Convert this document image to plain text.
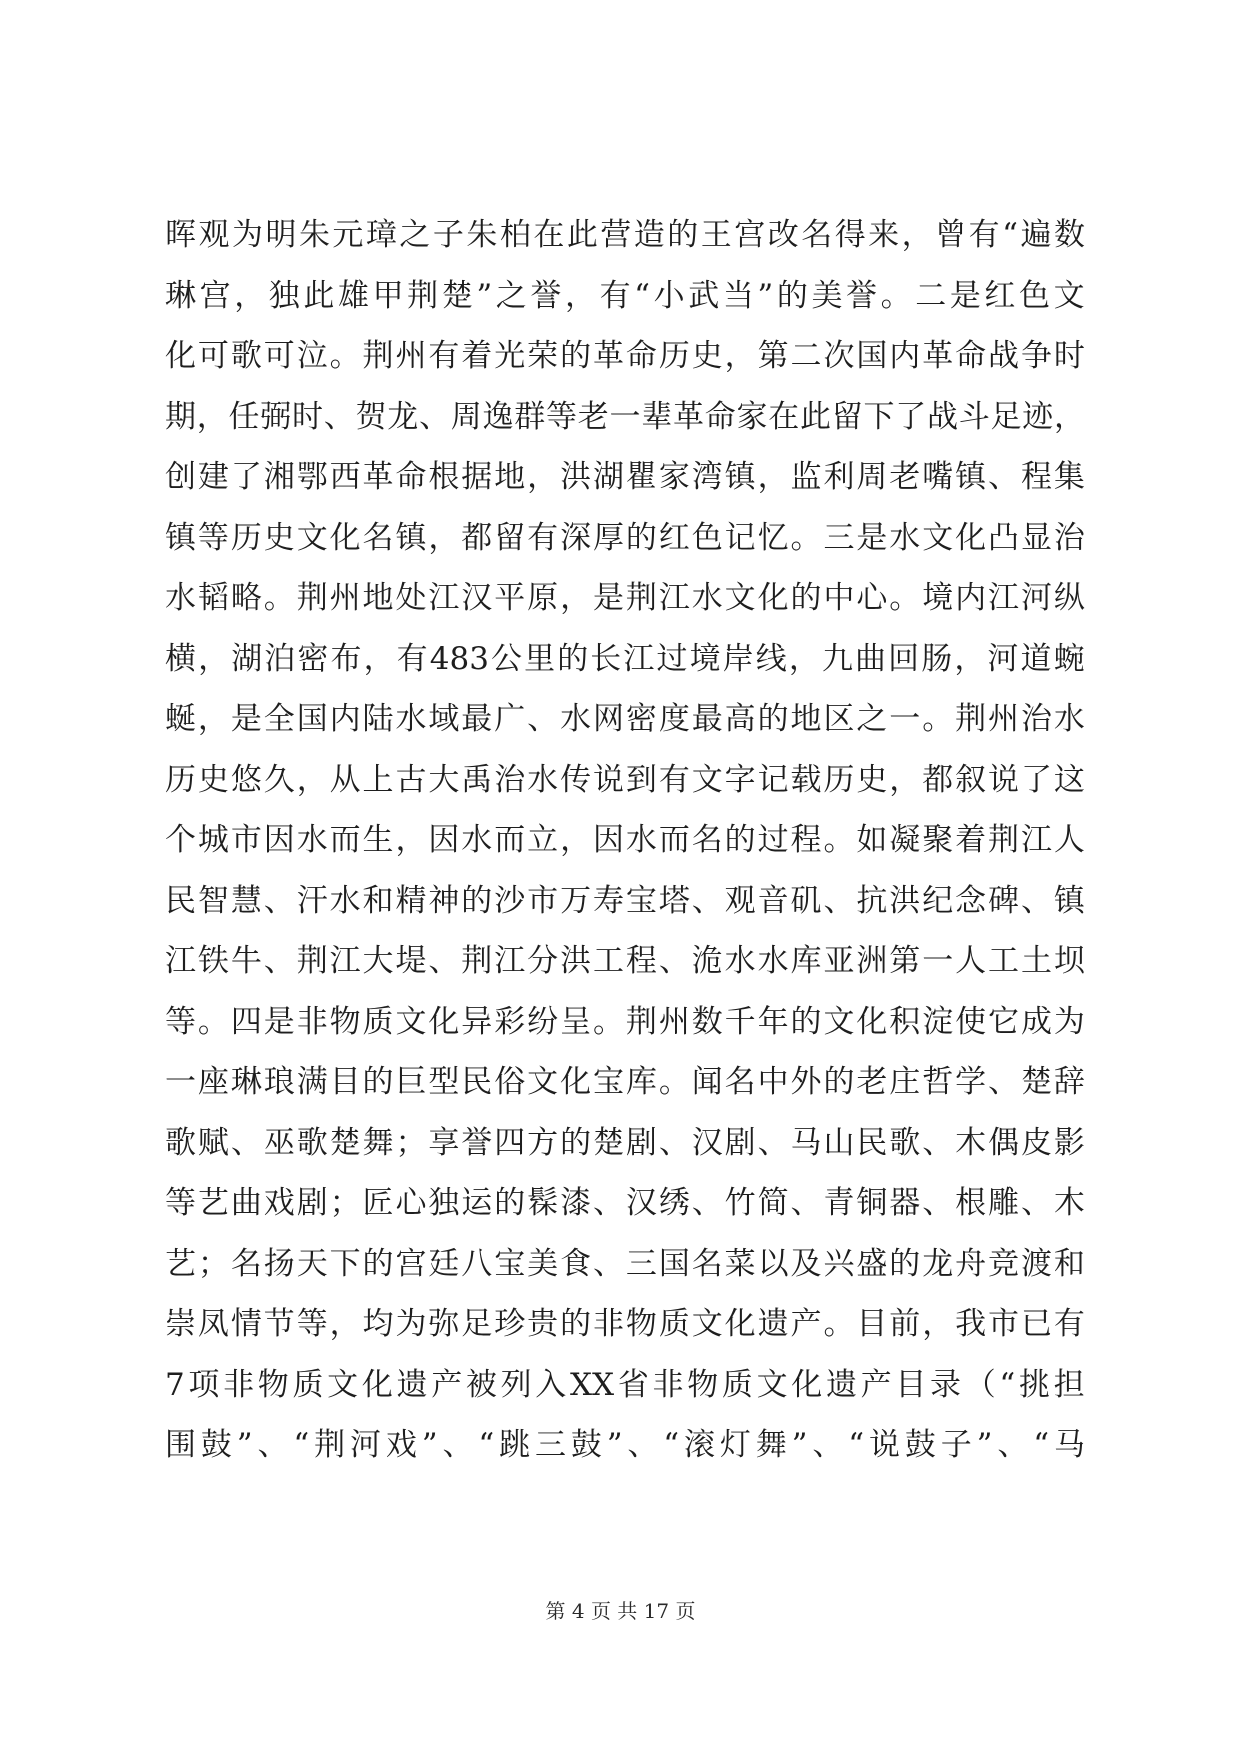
晖 观 为 明 朱 元 璋 之 子 朱 柏 在 此 营 造 的 王 宫 改 名 得 来 ， 曾 有 “ 遍 数
琳 宫 ， 独 此 雄 甲 荆 楚 ” 之 誉 ， 有 “ 小 武 当 ” 的 美 誉 。 二 是 红 色 文
化 可 歌 可 泣 。 荆 州 有 着 光 荣 的 革 命 历 史 ， 第 二 次 国 内 革 命 战 争 时
期 ， 任 弼 时 、 贺 龙 、 周 逸 群 等 老 一 辈 革 命 家 在 此 留 下 了 战 斗 足 迹 ，
创 建 了 湘 鄂 西 革 命 根 据 地 ， 洪 湖 瞿 家 湾 镇 ， 监 利 周 老 嘴 镇 、 程 集
镇 等 历 史 文 化 名 镇 ， 都 留 有 深 厚 的 红 色 记 忆 。 三 是 水 文 化 凸 显 治
水 韬 略 。 荆 州 地 处 江 汉 平 原 ， 是 荆 江 水 文 化 的 中 心 。 境 内 江 河 纵
横 ， 湖 泊 密 布 ， 有 483 公 里 的 长 江 过 境 岸 线 ， 九 曲 回 肠 ， 河 道 蜿
蜒 ， 是 全 国 内 陆 水 域 最 广 、 水 网 密 度 最 高 的 地 区 之 一 。 荆 州 治 水
历 史 悠 久 ， 从 上 古 大 禹 治 水 传 说 到 有 文 字 记 载 历 史 ， 都 叙 说 了 这
个 城 市 因 水 而 生 ， 因 水 而 立 ， 因 水 而 名 的 过 程 。 如 凝 聚 着 荆 江 人
民 智 慧 、 汗 水 和 精 神 的 沙 市 万 寿 宝 塔 、 观 音 矶 、 抗 洪 纪 念 碑 、 镇
江 铁 牛 、 荆 江 大 堤 、 荆 江 分 洪 工 程 、 洈 水 水 库 亚 洲 第 一 人 工 土 坝
等 。 四 是 非 物 质 文 化 异 彩 纷 呈 。 荆 州 数 千 年 的 文 化 积 淀 使 它 成 为
一 座 琳 琅 满 目 的 巨 型 民 俗 文 化 宝 库 。 闻 名 中 外 的 老 庄 哲 学 、 楚 辞
歌 赋 、 巫 歌 楚 舞 ； 享 誉 四 方 的 楚 剧 、 汉 剧 、 马 山 民 歌 、 木 偶 皮 影
等 艺 曲 戏 剧 ； 匠 心 独 运 的 髹 漆 、 汉 绣 、 竹 简 、 青 铜 器 、 根 雕 、 木
艺 ； 名 扬 天 下 的 宫 廷 八 宝 美 食 、 三 国 名 菜 以 及 兴 盛 的 龙 舟 竞 渡 和
崇 凤 情 节 等 ， 均 为 弥 足 珍 贵 的 非 物 质 文 化 遗 产 。 目 前 ， 我 市 已 有
7 项 非 物 质 文 化 遗 产 被 列 入 XX 省 非 物 质 文 化 遗 产 目 录 （ “ 挑 担
围 鼓 ” 、 “ 荆 河 戏 ” 、 “ 跳 三 鼓 ” 、 “ 滚 灯 舞 ” 、 “ 说 鼓 子 ” 、 “ 马
第 4 页 共 17 页
